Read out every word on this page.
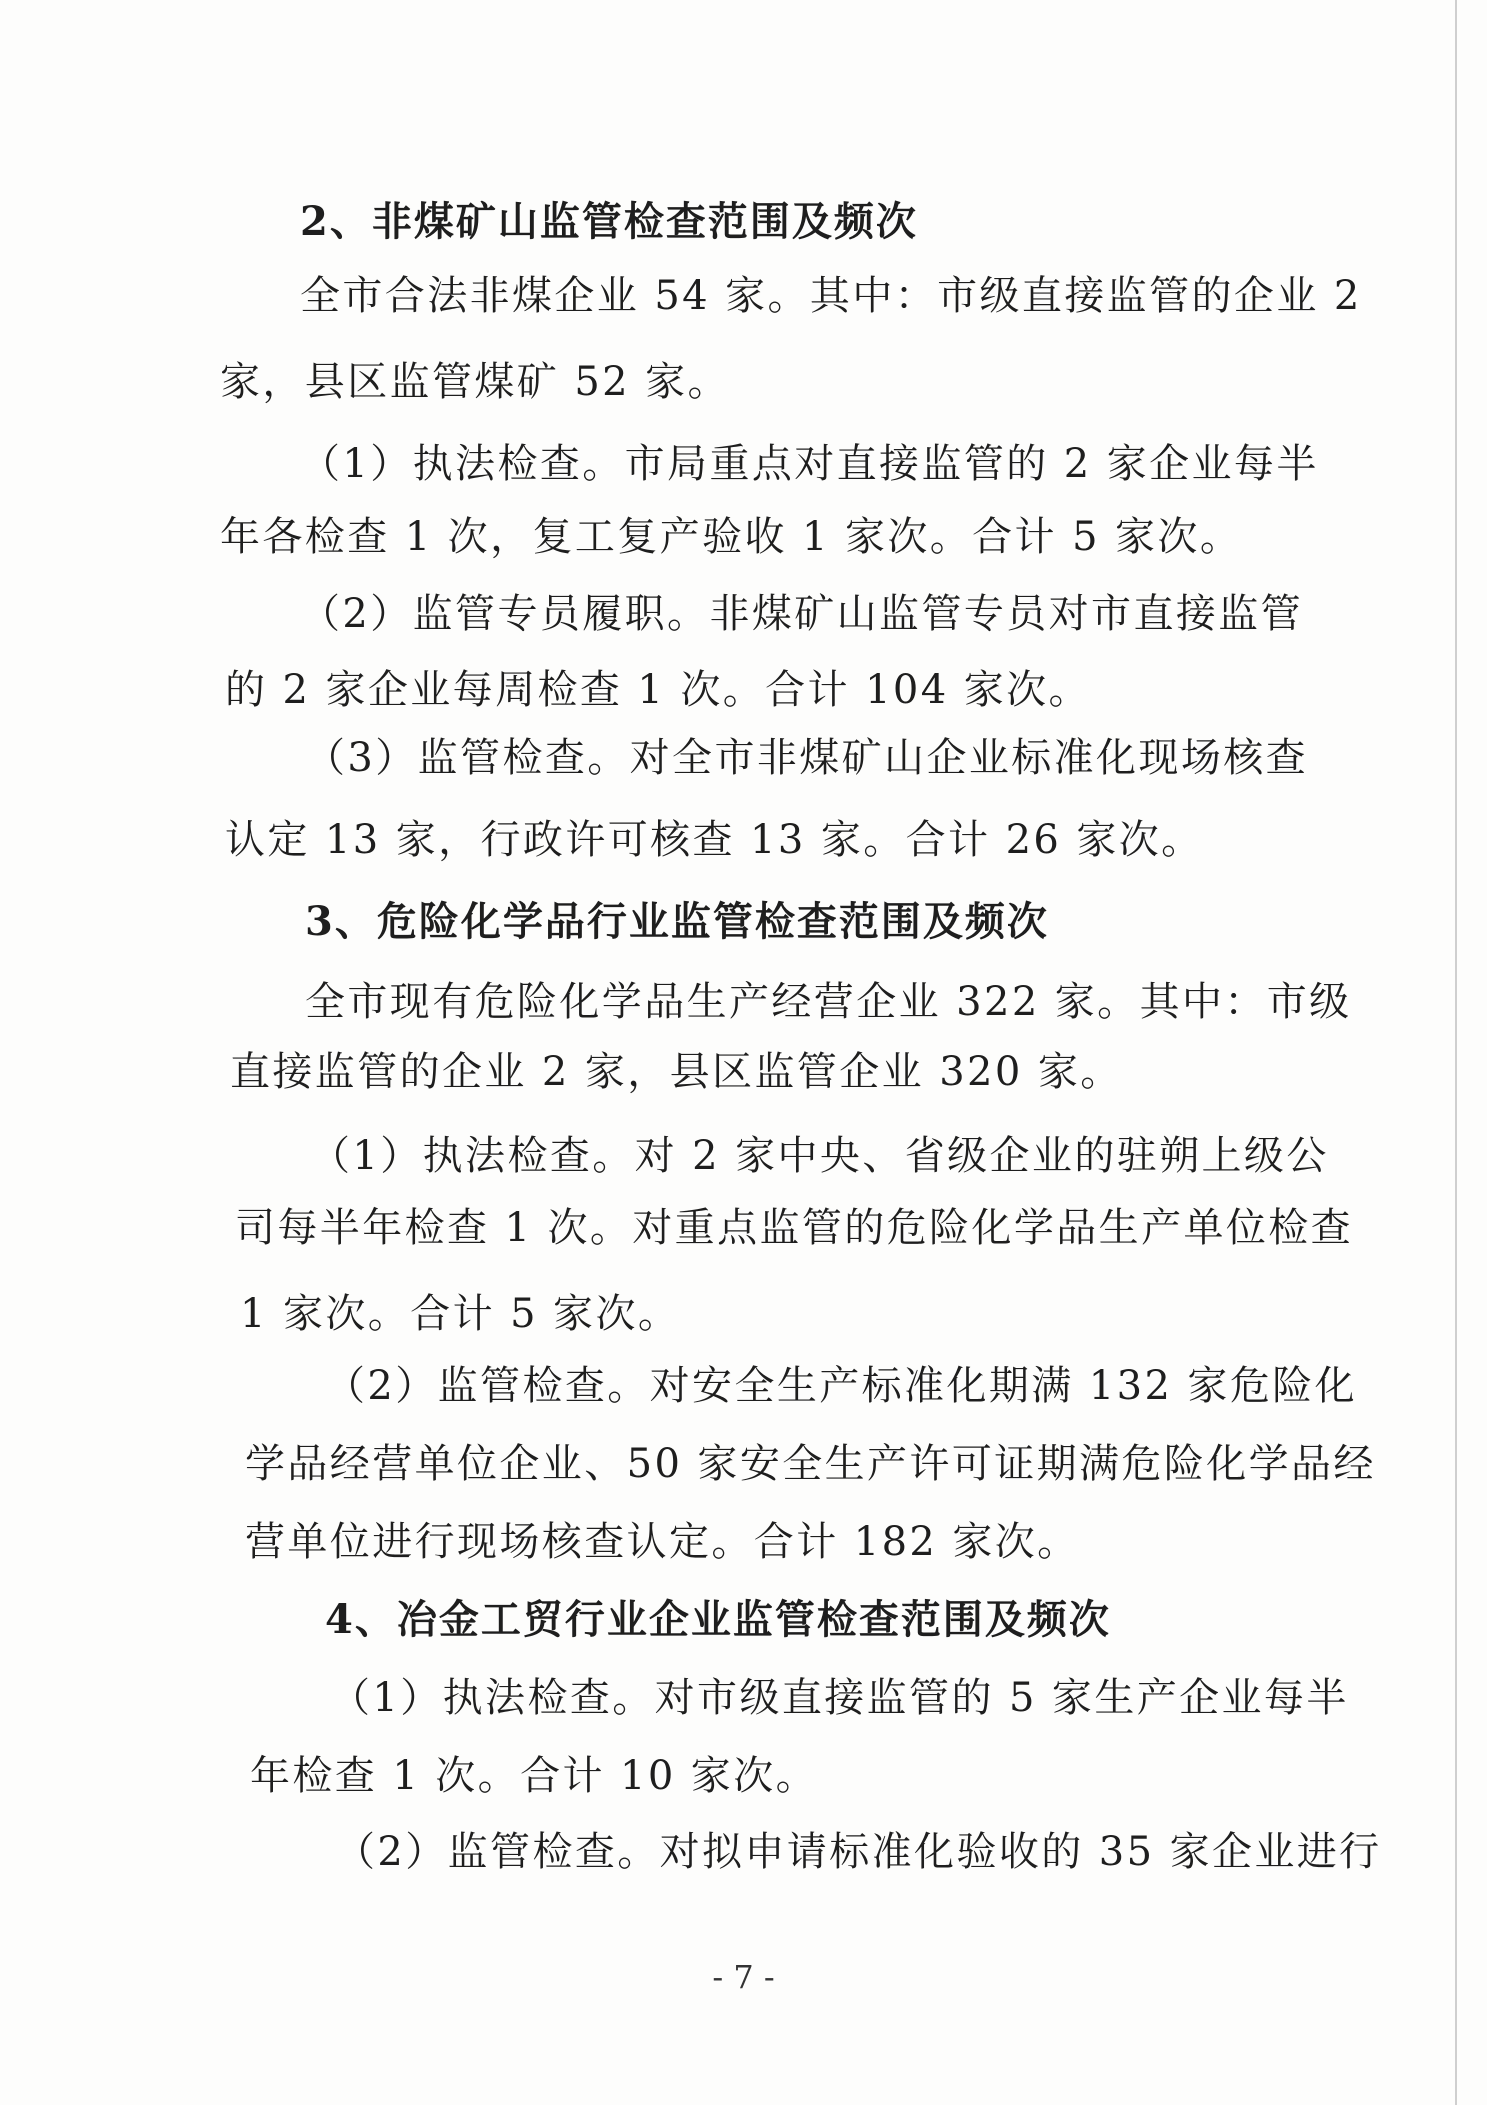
2、非煤矿山监管检查范围及频次
全市合法非煤企业 54 家。其中：市级直接监管的企业 2
家，县区监管煤矿 52 家。
（1）执法检查。市局重点对直接监管的 2 家企业每半
年各检查 1 次，复工复产验收 1 家次。合计 5 家次。
（2）监管专员履职。非煤矿山监管专员对市直接监管
的 2 家企业每周检查 1 次。合计 104 家次。
（3）监管检查。对全市非煤矿山企业标准化现场核查
认定 13 家，行政许可核查 13 家。合计 26 家次。
3、危险化学品行业监管检查范围及频次
全市现有危险化学品生产经营企业 322 家。其中：市级
直接监管的企业 2 家，县区监管企业 320 家。
（1）执法检查。对 2 家中央、省级企业的驻朔上级公
司每半年检查 1 次。对重点监管的危险化学品生产单位检查
1 家次。合计 5 家次。
（2）监管检查。对安全生产标准化期满 132 家危险化
学品经营单位企业、50 家安全生产许可证期满危险化学品经
营单位进行现场核查认定。合计 182 家次。
4、冶金工贸行业企业监管检查范围及频次
（1）执法检查。对市级直接监管的 5 家生产企业每半
年检查 1 次。合计 10 家次。
（2）监管检查。对拟申请标准化验收的 35 家企业进行
- 7 -
